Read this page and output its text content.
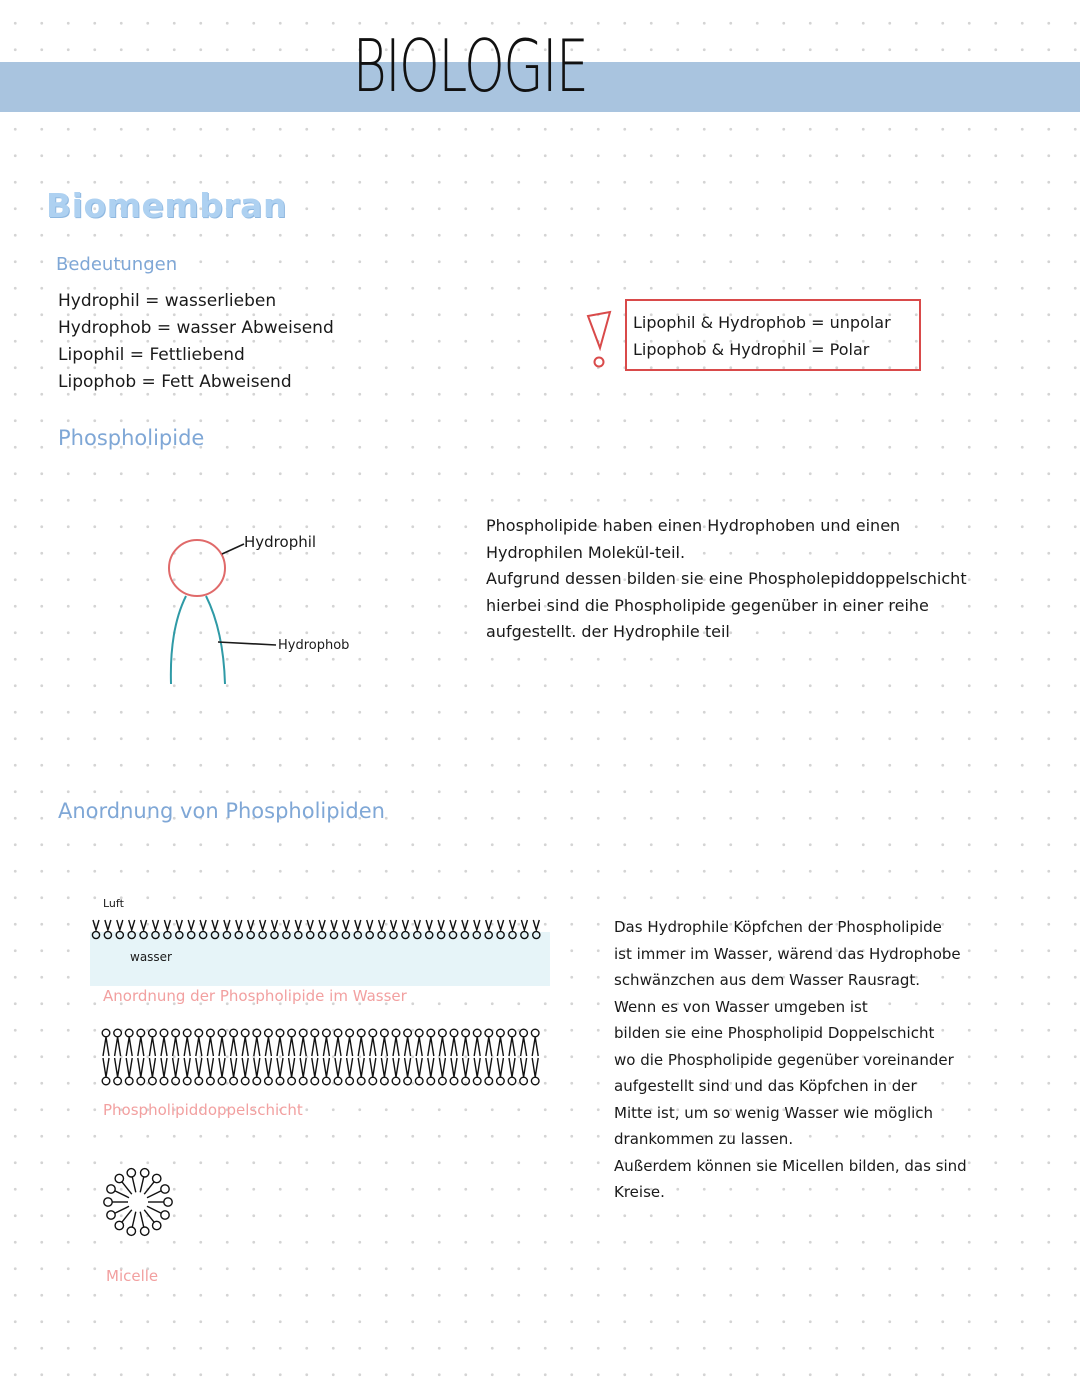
BIOLOGIE
Biomembran
Bedeutungen
Hydrophil = wasserlieben
Hydrophob = wasser Abweisend
Lipophil = Fettliebend
Lipophob = Fett Abweisend
Lipophil & Hydrophob = unpolar
Lipophob & Hydrophil = Polar
Phospholipide
Hydrophil
Hydrophob
Phospholipide haben einen Hydrophoben und einen
Hydrophilen Molekül-teil.
Aufgrund dessen bilden sie eine Phospholepiddoppelschicht
hierbei sind die Phospholipide gegenüber in einer reihe
aufgestellt. der Hydrophile teil
Anordnung von Phospholipiden
Luft
wasser
Anordnung der Phospholipide im Wasser
Phospholipiddoppelschicht
Micelle
Das Hydrophile Köpfchen der Phospholipide
ist immer im Wasser, wärend das Hydrophobe
schwänzchen aus dem Wasser Rausragt.
Wenn es von Wasser umgeben ist
bilden sie eine Phospholipid Doppelschicht
wo die Phospholipide gegenüber voreinander
aufgestellt sind und das Köpfchen in der
Mitte ist, um so wenig Wasser wie möglich
drankommen zu lassen.
Außerdem können sie Micellen bilden, das sind
Kreise.
